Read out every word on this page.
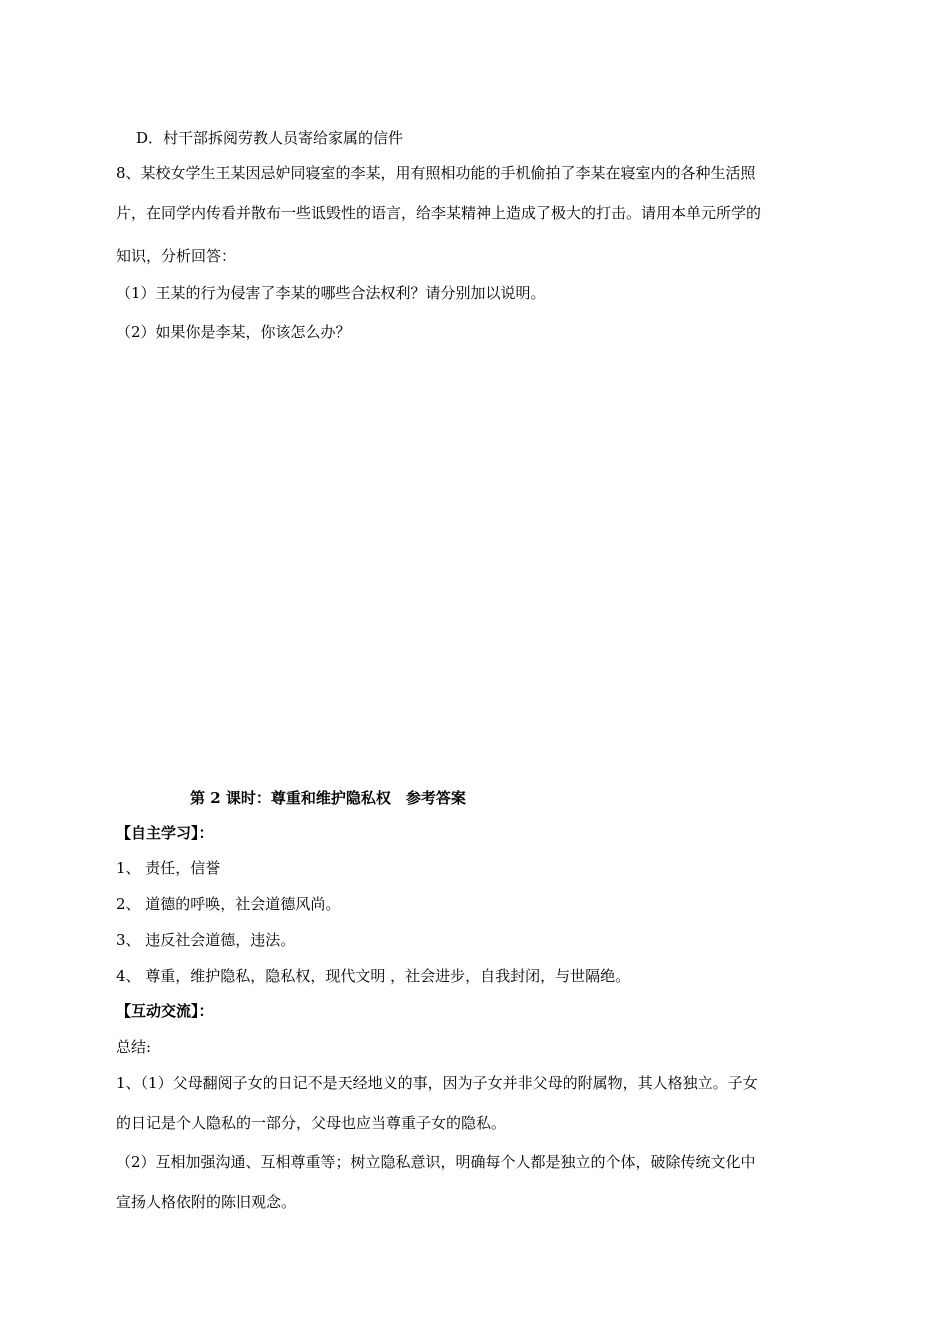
D．村干部拆阅劳教人员寄给家属的信件
8、某校女学生王某因忌妒同寝室的李某，用有照相功能的手机偷拍了李某在寝室内的各种生活照
片，在同学内传看并散布一些诋毁性的语言，给李某精神上造成了极大的打击。请用本单元所学的
知识，分析回答：
（1）王某的行为侵害了李某的哪些合法权利？请分别加以说明。
（2）如果你是李某，你该怎么办？
第 2 课时：尊重和维护隐私权　参考答案
【自主学习】：
1、 责任，信誉
2、 道德的呼唤，社会道德风尚。
3、 违反社会道德，违法。
4、 尊重，维护隐私，隐私权，现代文明 ，社会进步，自我封闭，与世隔绝。
【互动交流】：
总结:
1、（1）父母翻阅子女的日记不是天经地义的事，因为子女并非父母的附属物，其人格独立。子女
的日记是个人隐私的一部分，父母也应当尊重子女的隐私。
（2）互相加强沟通、互相尊重等；树立隐私意识，明确每个人都是独立的个体，破除传统文化中
宣扬人格依附的陈旧观念。
